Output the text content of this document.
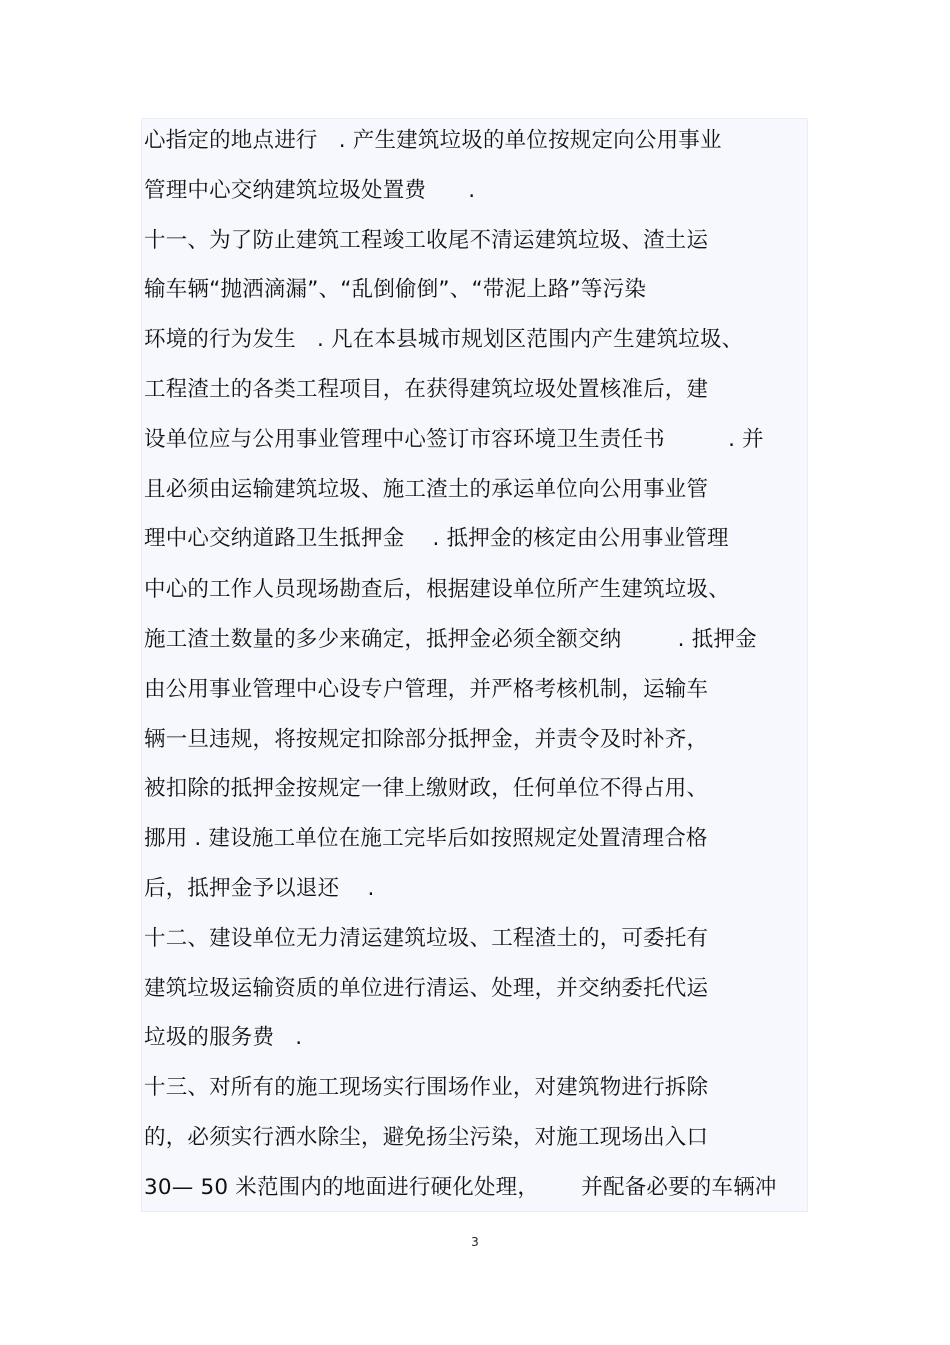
心指定的地点进行   . 产生建筑垃圾的单位按规定向公用事业
管理中心交纳建筑垃圾处置费      .
十一、为了防止建筑工程竣工收尾不清运建筑垃圾、渣土运
输车辆“抛洒滴漏”、“乱倒偷倒”、“带泥上路”等污染
环境的行为发生   . 凡在本县城市规划区范围内产生建筑垃圾、
工程渣土的各类工程项目，在获得建筑垃圾处置核准后，建
设单位应与公用事业管理中心签订市容环境卫生责任书         . 并
且必须由运输建筑垃圾、施工渣土的承运单位向公用事业管
理中心交纳道路卫生抵押金    . 抵押金的核定由公用事业管理
中心的工作人员现场勘查后，根据建设单位所产生建筑垃圾、
施工渣土数量的多少来确定，抵押金必须全额交纳        . 抵押金
由公用事业管理中心设专户管理，并严格考核机制，运输车
辆一旦违规，将按规定扣除部分抵押金，并责令及时补齐，
被扣除的抵押金按规定一律上缴财政，任何单位不得占用、
挪用 . 建设施工单位在施工完毕后如按照规定处置清理合格
后，抵押金予以退还    .
十二、建设单位无力清运建筑垃圾、工程渣土的，可委托有
建筑垃圾运输资质的单位进行清运、处理，并交纳委托代运
垃圾的服务费   .
十三、对所有的施工现场实行围场作业，对建筑物进行拆除
的，必须实行洒水除尘，避免扬尘污染，对施工现场出入口
30— 50 米范围内的地面进行硬化处理，      并配备必要的车辆冲
3
